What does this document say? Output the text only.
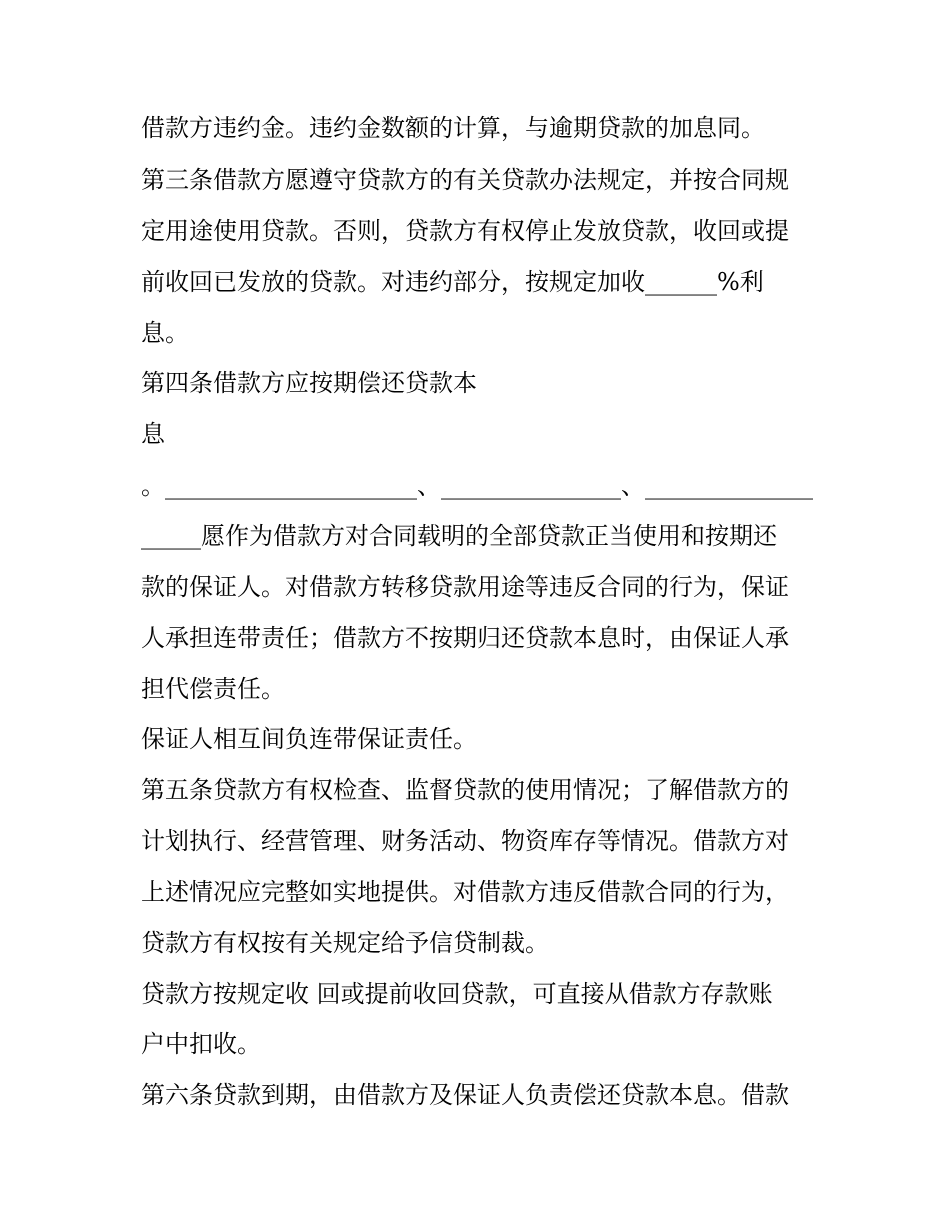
借款方违约金。违约金数额的计算，与逾期贷款的加息同。

第三条借款方愿遵守贷款方的有关贷款办法规定，并按合同规

定用途使用贷款。否则，贷款方有权停止发放贷款，收回或提

前收回已发放的贷款。对违约部分，按规定加收______%利

息。

第四条借款方应按期偿还贷款本

息

。_____________________、_______________、______________

_____愿作为借款方对合同载明的全部贷款正当使用和按期还

款的保证人。对借款方转移贷款用途等违反合同的行为，保证

人承担连带责任；借款方不按期归还贷款本息时，由保证人承

担代偿责任。

保证人相互间负连带保证责任。

第五条贷款方有权检查、监督贷款的使用情况；了解借款方的

计划执行、经营管理、财务活动、物资库存等情况。借款方对

上述情况应完整如实地提供。对借款方违反借款合同的行为，

贷款方有权按有关规定给予信贷制裁。

贷款方按规定收 回或提前收回贷款，可直接从借款方存款账

户中扣收。

第六条贷款到期，由借款方及保证人负责偿还贷款本息。借款
